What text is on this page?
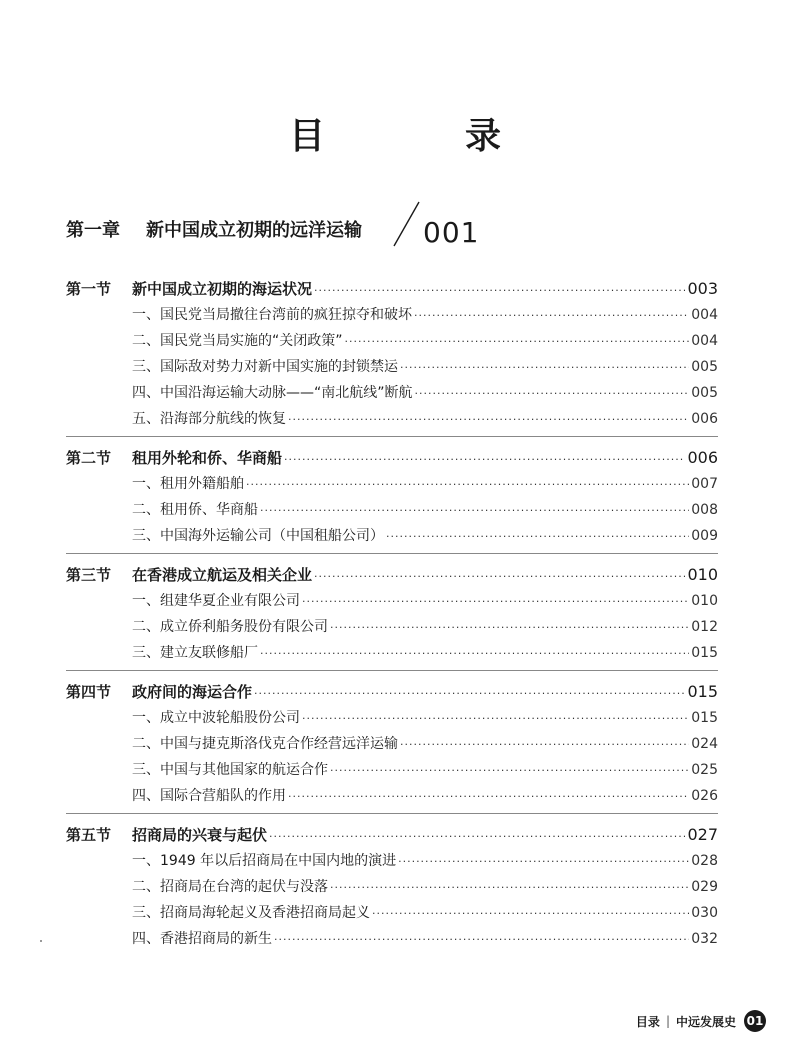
目　录
第一章 新中国成立初期的远洋运输 001
第一节	新中国成立初期的海运状况 ·····	003
一、国民党当局撤往台湾前的疯狂掠夺和破坏 ·····	004
二、国民党当局实施的“关闭政策” ·····	004
三、国际敌对势力对新中国实施的封锁禁运 ·····	005
四、中国沿海运输大动脉——“南北航线”断航 ·····	005
五、沿海部分航线的恢复 ·····	006
第二节	租用外轮和侨、华商船 ·····	006
一、租用外籍船舶 ·····	007
二、租用侨、华商船 ·····	008
三、中国海外运输公司（中国租船公司） ·····	009
第三节	在香港成立航运及相关企业 ·····	010
一、组建华夏企业有限公司 ·····	010
二、成立侨利船务股份有限公司 ·····	012
三、建立友联修船厂 ·····	015
第四节	政府间的海运合作 ·····	015
一、成立中波轮船股份公司 ·····	015
二、中国与捷克斯洛伐克合作经营远洋运输 ·····	024
三、中国与其他国家的航运合作 ·····	025
四、国际合营船队的作用 ·····	026
第五节	招商局的兴衰与起伏 ·····	027
一、1949 年以后招商局在中国内地的演进 ·····	028
二、招商局在台湾的起伏与没落 ·····	029
三、招商局海轮起义及香港招商局起义 ·····	030
四、香港招商局的新生 ·····	032
目录 | 中远发展史 01
